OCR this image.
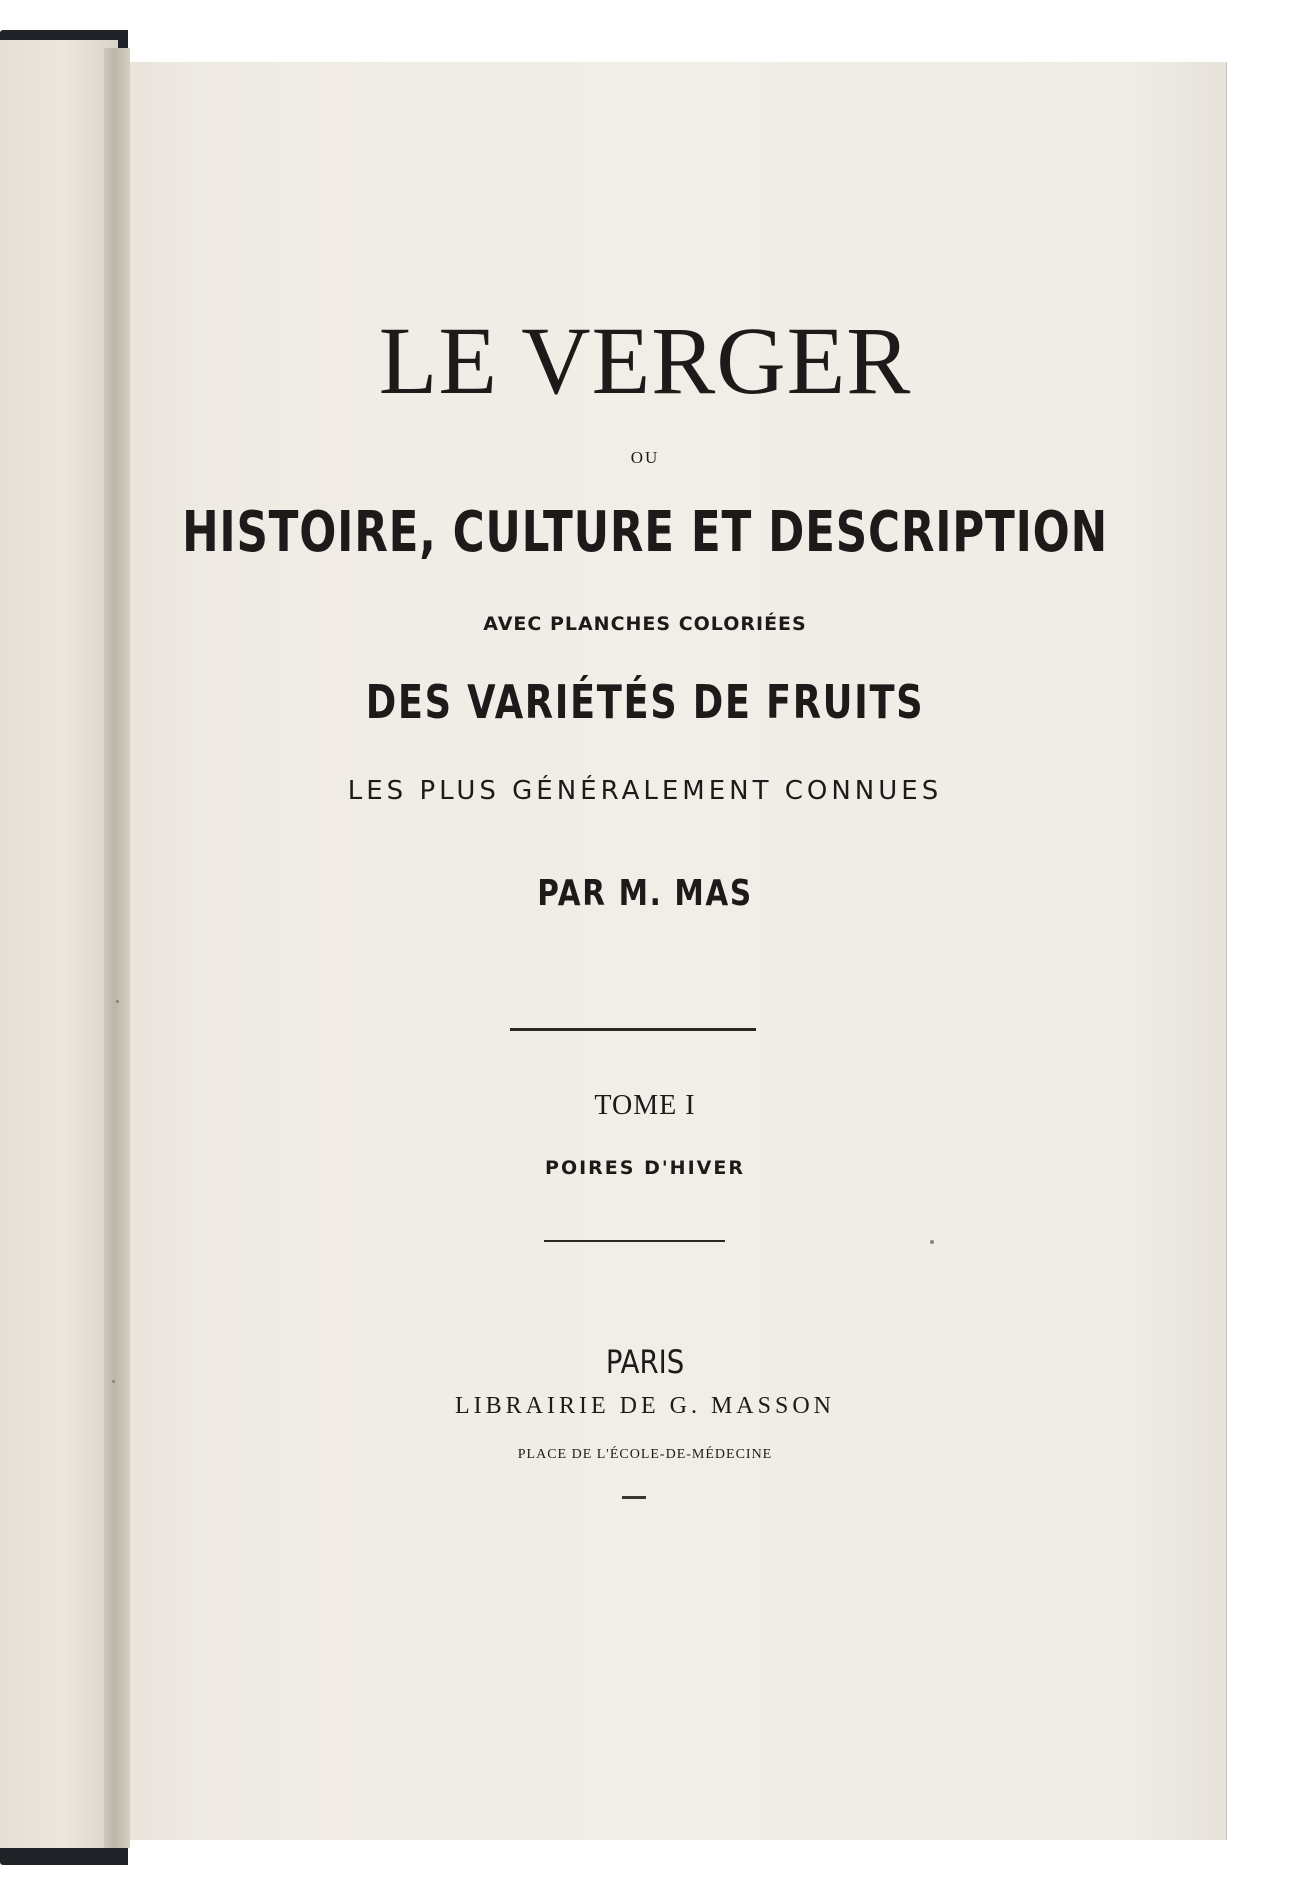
LE VERGER
OU
HISTOIRE, CULTURE ET DESCRIPTION
AVEC PLANCHES COLORIÉES
DES VARIÉTÉS DE FRUITS
LES PLUS GÉNÉRALEMENT CONNUES
PAR M. MAS
TOME I
POIRES D'HIVER
PARIS
LIBRAIRIE DE G. MASSON
PLACE DE L'ÉCOLE-DE-MÉDECINE
